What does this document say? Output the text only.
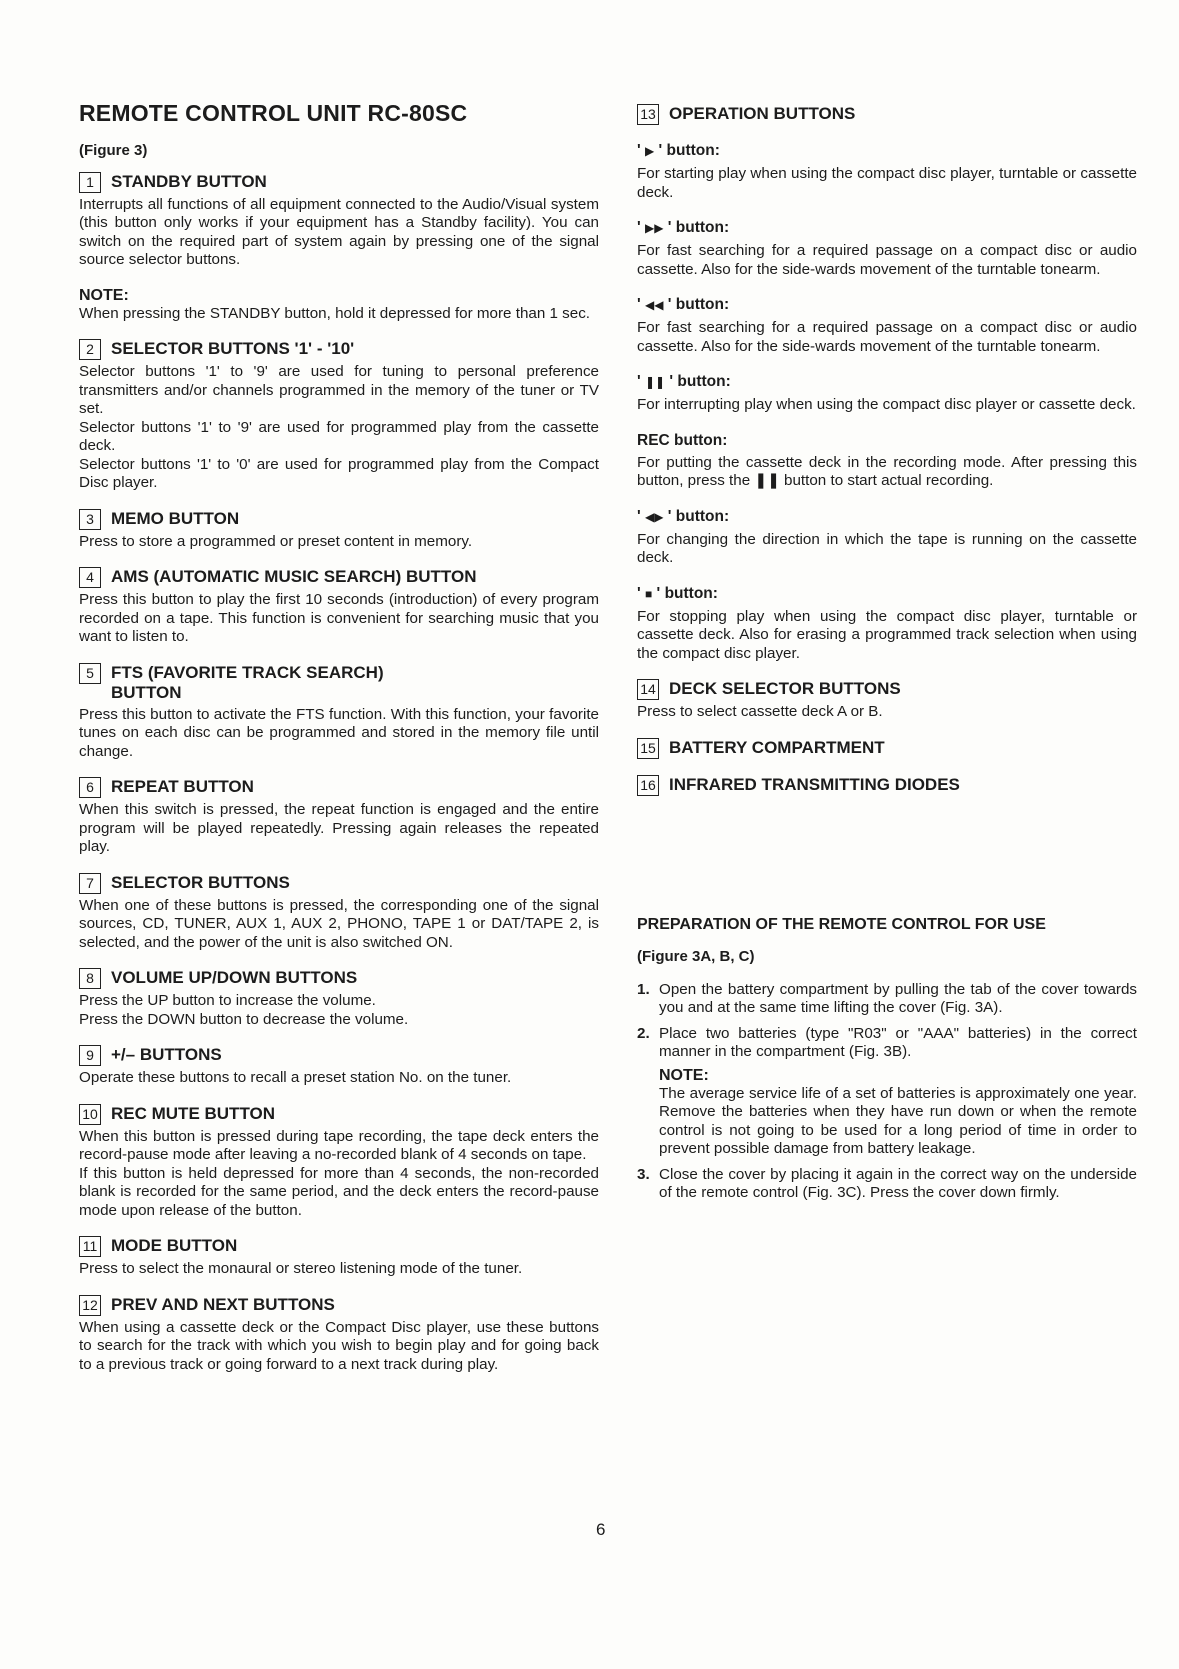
REMOTE CONTROL UNIT RC-80SC
(Figure 3)
1	STANDBY BUTTON

Interrupts all functions of all equipment connected to the Audio/Visual system (this button only works if your equipment has a Standby facility). You can switch on the required part of system again by pressing one of the signal source selector buttons.

NOTE:

When pressing the STANDBY button, hold it depressed for more than 1 sec.

2	SELECTOR BUTTONS '1' - '10'

Selector buttons '1' to '9' are used for tuning to personal preference transmitters and/or channels programmed in the memory of the tuner or TV set.

Selector buttons '1' to '9' are used for programmed play from the cassette deck.

Selector buttons '1' to '0' are used for programmed play from the Compact Disc player.

3	MEMO BUTTON

Press to store a programmed or preset content in memory.

4	AMS (AUTOMATIC MUSIC SEARCH) BUTTON

Press this button to play the first 10 seconds (introduction) of every program recorded on a tape. This function is convenient for searching music that you want to listen to.

5	FTS (FAVORITE TRACK SEARCH)
BUTTON

Press this button to activate the FTS function. With this function, your favorite tunes on each disc can be programmed and stored in the memory file until change.

6	REPEAT BUTTON

When this switch is pressed, the repeat function is engaged and the entire program will be played repeatedly. Pressing again releases the repeated play.

7	SELECTOR BUTTONS

When one of these buttons is pressed, the corresponding one of the signal sources, CD, TUNER, AUX 1, AUX 2, PHONO, TAPE 1 or DAT/TAPE 2, is selected, and the power of the unit is also switched ON.

8	VOLUME UP/DOWN BUTTONS

Press the UP button to increase the volume.

Press the DOWN button to decrease the volume.

9	+/– BUTTONS

Operate these buttons to recall a preset station No. on the tuner.

10 REC MUTE BUTTON

When this button is pressed during tape recording, the tape deck enters the record-pause mode after leaving a no-recorded blank of 4 seconds on tape.

If this button is held depressed for more than 4 seconds, the non-recorded blank is recorded for the same period, and the deck enters the record-pause mode upon release of the button.

11 MODE BUTTON

Press to select the monaural or stereo listening mode of the tuner.

12 PREV AND NEXT BUTTONS

When using a cassette deck or the Compact Disc player, use these buttons to search for the track with which you wish to begin play and for going back to a previous track or going forward to a next track during play.

13 OPERATION BUTTONS

' ▶ ' button:

For starting play when using the compact disc player, turntable or cassette deck.

' ▶▶ ' button:

For fast searching for a required passage on a compact disc or audio cassette. Also for the side-wards movement of the turntable tonearm.

' ◀◀ ' button:

For fast searching for a required passage on a compact disc or audio cassette. Also for the side-wards movement of the turntable tonearm.

' ❚❚ ' button:

For interrupting play when using the compact disc player or cassette deck.

REC button:

For putting the cassette deck in the recording mode. After pressing this button, press the ❚❚ button to start actual recording.

' ◀▶ ' button:

For changing the direction in which the tape is running on the cassette deck.

' ■ ' button:

For stopping play when using the compact disc player, turntable or cassette deck. Also for erasing a programmed track selection when using the compact disc player.

14 DECK SELECTOR BUTTONS

Press to select cassette deck A or B.

15 BATTERY COMPARTMENT
16 INFRARED TRANSMITTING DIODES

PREPARATION OF THE REMOTE CONTROL FOR USE

(Figure 3A, B, C)

1. Open the battery compartment by pulling the tab of the cover towards you and at the same time lifting the cover (Fig. 3A).
2. Place two batteries (type "R03" or "AAA" batteries) in the correct manner in the compartment (Fig. 3B).
NOTE:
The average service life of a set of batteries is approximately one year. Remove the batteries when they have run down or when the remote control is not going to be used for a long period of time in order to prevent possible damage from battery leakage.
3. Close the cover by placing it again in the correct way on the underside of the remote control (Fig. 3C). Press the cover down firmly.
6
